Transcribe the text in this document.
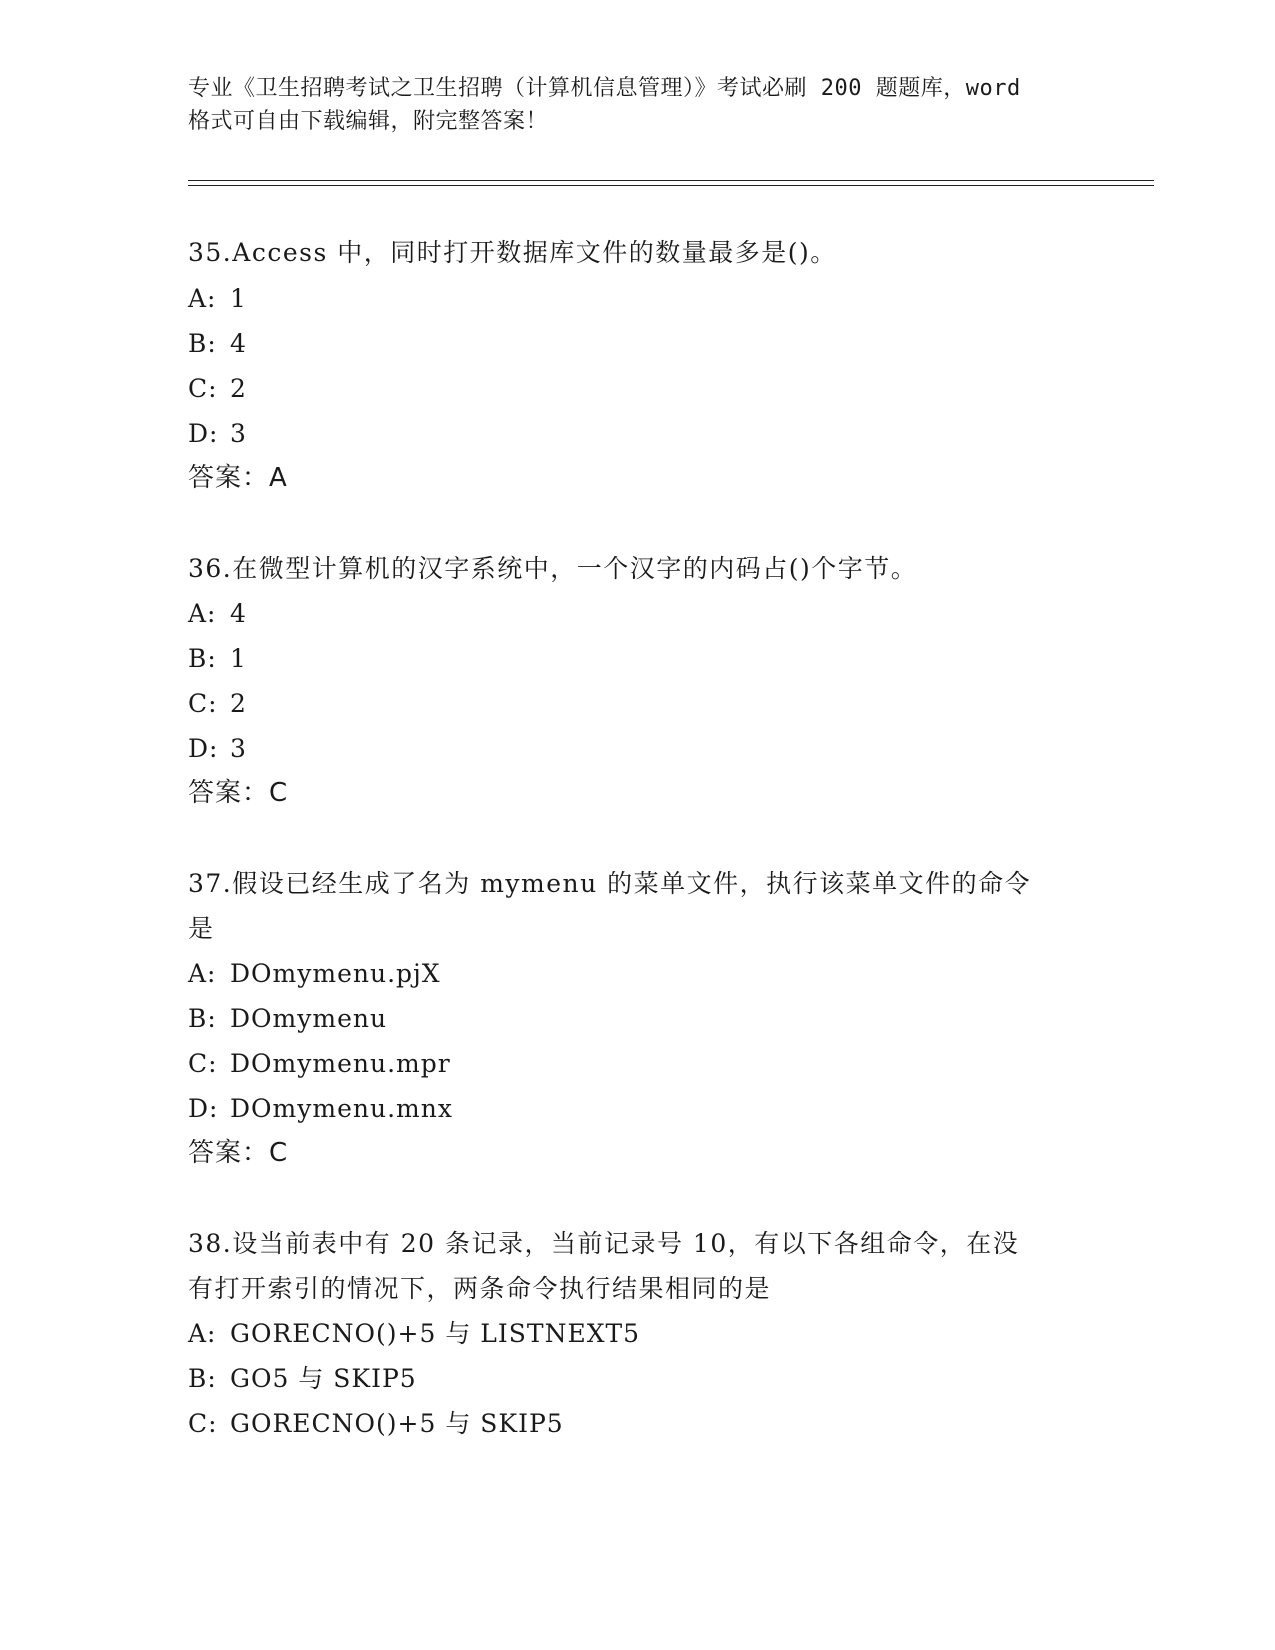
专业《卫生招聘考试之卫生招聘（计算机信息管理）》考试必刷 200 题题库，word
格式可自由下载编辑，附完整答案！
35.Access 中，同时打开数据库文件的数量最多是()。
A: 1
B: 4
C: 2
D: 3
答案：A
36.在微型计算机的汉字系统中，一个汉字的内码占()个字节。
A: 4
B: 1
C: 2
D: 3
答案：C
37.假设已经生成了名为 mymenu 的菜单文件，执行该菜单文件的命令
是
A: DOmymenu.pjX
B: DOmymenu
C: DOmymenu.mpr
D: DOmymenu.mnx
答案：C
38.设当前表中有 20 条记录，当前记录号 10，有以下各组命令，在没
有打开索引的情况下，两条命令执行结果相同的是
A: GORECNO()+5 与 LISTNEXT5
B: GO5 与 SKIP5
C: GORECNO()+5 与 SKIP5
